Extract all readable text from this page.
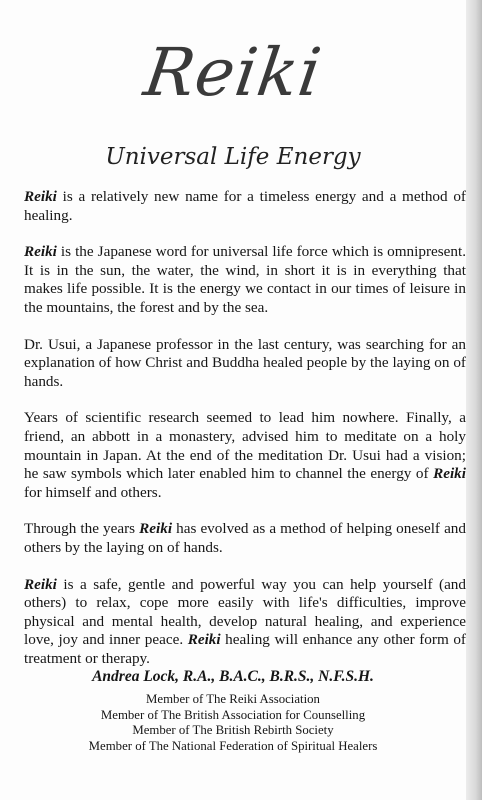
Reiki
Universal Life Energy

Reiki is a relatively new name for a timeless energy and a method of healing.

Reiki is the Japanese word for universal life force which is omnipresent. It is in the sun, the water, the wind, in short it is in everything that makes life possible. It is the energy we contact in our times of leisure in the mountains, the forest and by the sea.

Dr. Usui, a Japanese professor in the last century, was searching for an explanation of how Christ and Buddha healed people by the laying on of hands.

Years of scientific research seemed to lead him nowhere. Finally, a friend, an abbott in a monastery, advised him to meditate on a holy mountain in Japan. At the end of the meditation Dr. Usui had a vision; he saw symbols which later enabled him to channel the energy of Reiki for himself and others.

Through the years Reiki has evolved as a method of helping oneself and others by the laying on of hands.

Reiki is a safe, gentle and powerful way you can help yourself (and others) to relax, cope more easily with life's difficulties, improve physical and mental health, develop natural healing, and experience love, joy and inner peace. Reiki healing will enhance any other form of treatment or therapy.

Andrea Lock, R.A., B.A.C., B.R.S., N.F.S.H.
Member of The Reiki Association
Member of The British Association for Counselling
Member of The British Rebirth Society
Member of The National Federation of Spiritual Healers
